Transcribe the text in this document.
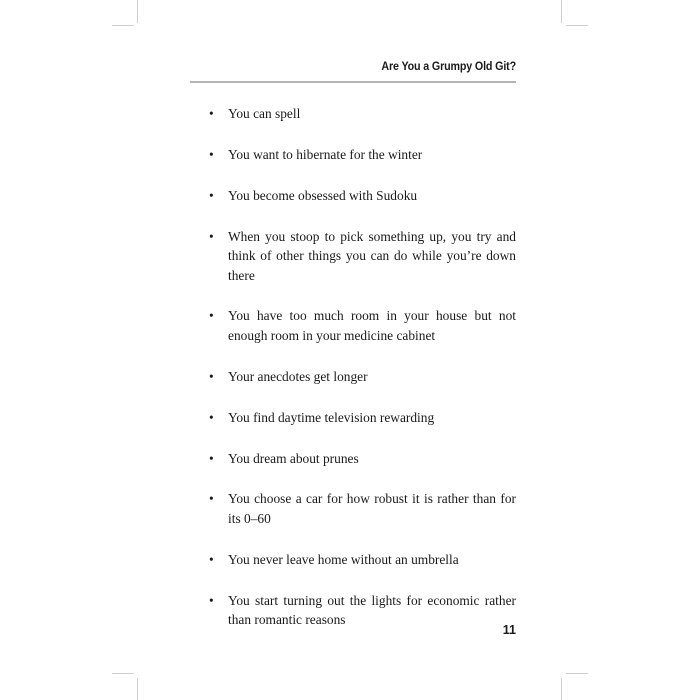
Are You a Grumpy Old Git?
• You can spell
• You want to hibernate for the winter
• You become obsessed with Sudoku
• When you stoop to pick something up, you try and think of other things you can do while you’re down there
• You have too much room in your house but not enough room in your medicine cabinet
• Your anecdotes get longer
• You find daytime television rewarding
• You dream about prunes
• You choose a car for how robust it is rather than for its 0–60
• You never leave home without an umbrella
• You start turning out the lights for economic rather than romantic reasons
11
